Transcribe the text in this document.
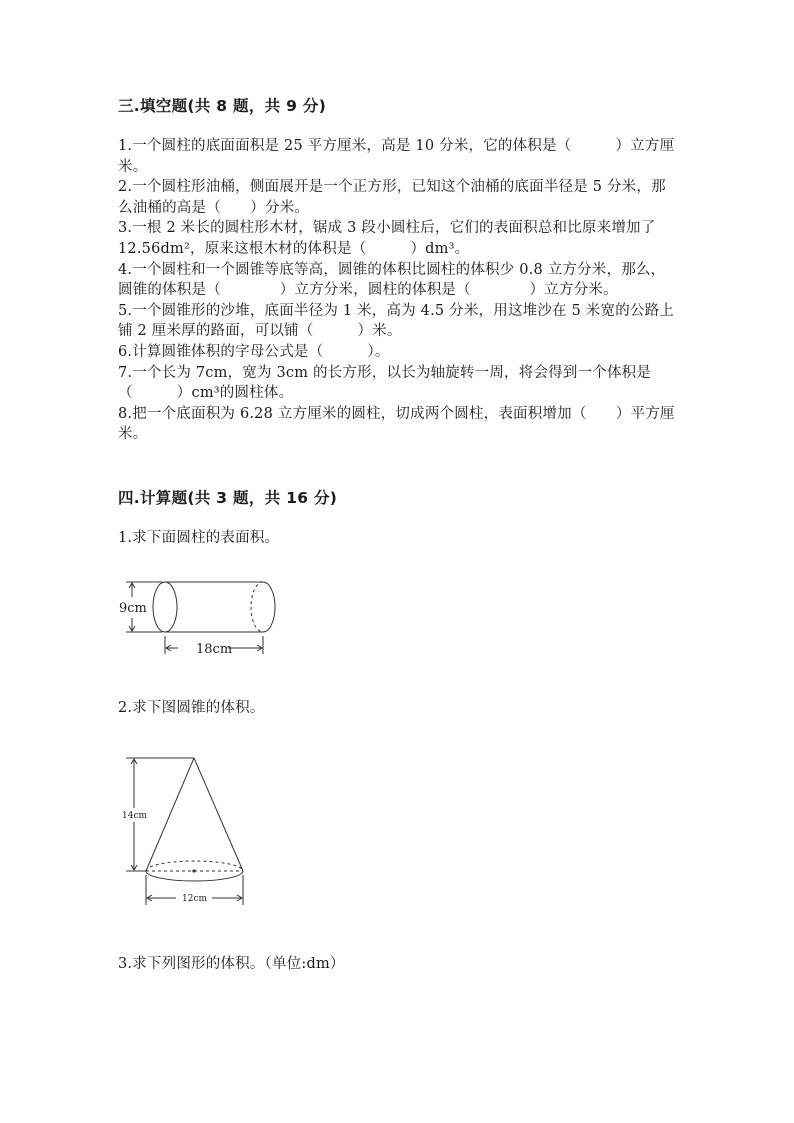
三.填空题(共 8 题，共 9 分)

1.一个圆柱的底面面积是 25 平方厘米，高是 10 分米，它的体积是（　　　）立方厘米。

2.一个圆柱形油桶，侧面展开是一个正方形，已知这个油桶的底面半径是 5 分米，那么油桶的高是（　　）分米。

3.一根 2 米长的圆柱形木材，锯成 3 段小圆柱后，它们的表面积总和比原来增加了 12.56dm²，原来这根木材的体积是（　　　）dm³。

4.一个圆柱和一个圆锥等底等高，圆锥的体积比圆柱的体积少 0.8 立方分米，那么，圆锥的体积是（　　　　）立方分米，圆柱的体积是（　　　　）立方分米。

5.一个圆锥形的沙堆，底面半径为 1 米，高为 4.5 分米，用这堆沙在 5 米宽的公路上铺 2 厘米厚的路面，可以铺（　　　）米。

6.计算圆锥体积的字母公式是（　　　）。

7.一个长为 7cm，宽为 3cm 的长方形，以长为轴旋转一周，将会得到一个体积是（　　　）cm³的圆柱体。

8.把一个底面积为 6.28 立方厘米的圆柱，切成两个圆柱，表面积增加（　　）平方厘米。

四.计算题(共 3 题，共 16 分)
1.求下面圆柱的表面积。
9cm
18cm
2.求下图圆锥的体积。
14cm
12cm
3.求下列图形的体积。（单位:dm）
